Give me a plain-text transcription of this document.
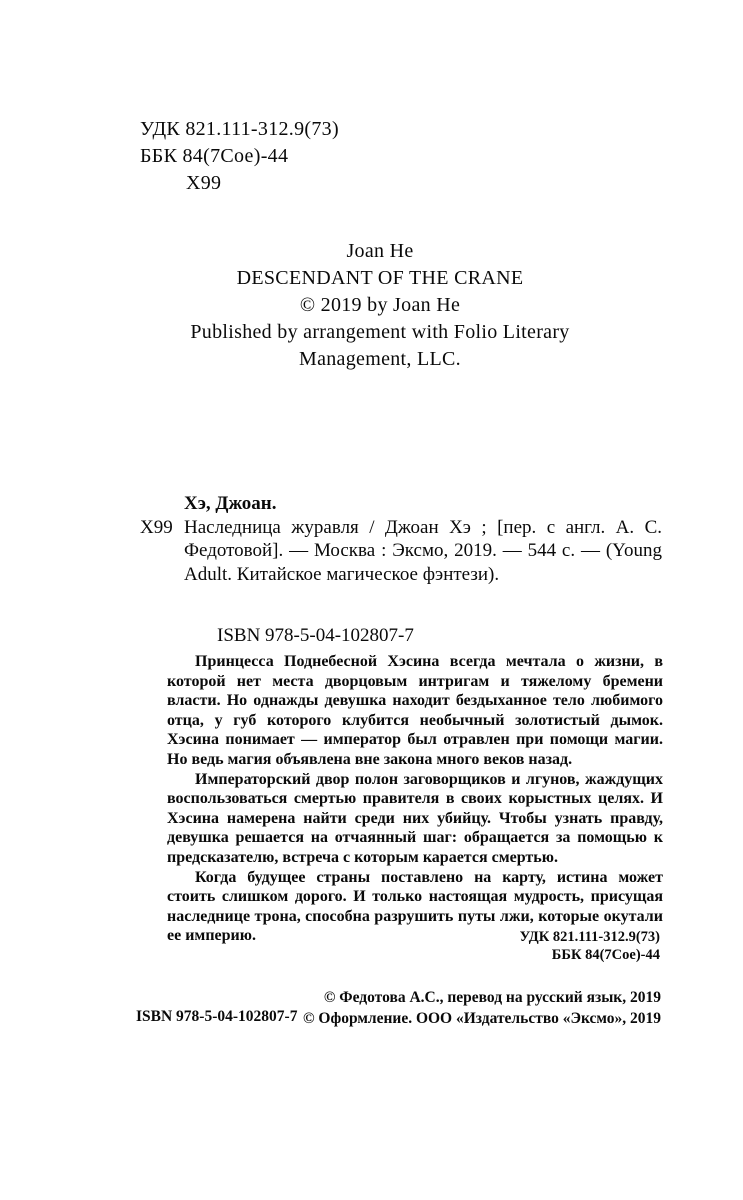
УДК 821.111-312.9(73)
ББК 84(7Сое)-44
Х99
Joan He
DESCENDANT OF THE CRANE
© 2019 by Joan He
Published by arrangement with Folio Literary
Management, LLC.
Хэ, Джоан.
Х99 Наследница журавля / Джоан Хэ ; [пер. с англ. А. С. Федотовой]. — Москва : Эксмо, 2019. — 544 с. — (Young Adult. Китайское магическое фэнтези).
ISBN 978-5-04-102807-7

Принцесса Поднебесной Хэсина всегда мечтала о жизни, в которой нет места дворцовым интригам и тяжелому бремени власти. Но однажды девушка находит бездыханное тело любимого отца, у губ которого клубится необычный золотистый дымок. Хэсина понимает — император был отравлен при помощи магии. Но ведь магия объявлена вне закона много веков назад.

Императорский двор полон заговорщиков и лгунов, жаждущих воспользоваться смертью правителя в своих корыстных целях. И Хэсина намерена найти среди них убийцу. Чтобы узнать правду, девушка решается на отчаянный шаг: обращается за помощью к предсказателю, встреча с которым карается смертью.

Когда будущее страны поставлено на карту, истина может стоить слишком дорого. И только настоящая мудрость, присущая наследнице трона, способна разрушить путы лжи, которые окутали ее империю.	УДК 821.111-312.9(73)
ББК 84(7Сое)-44
ISBN 978-5-04-102807-7
© Федотова А.С., перевод на русский язык, 2019
© Оформление. ООО «Издательство «Эксмо», 2019
